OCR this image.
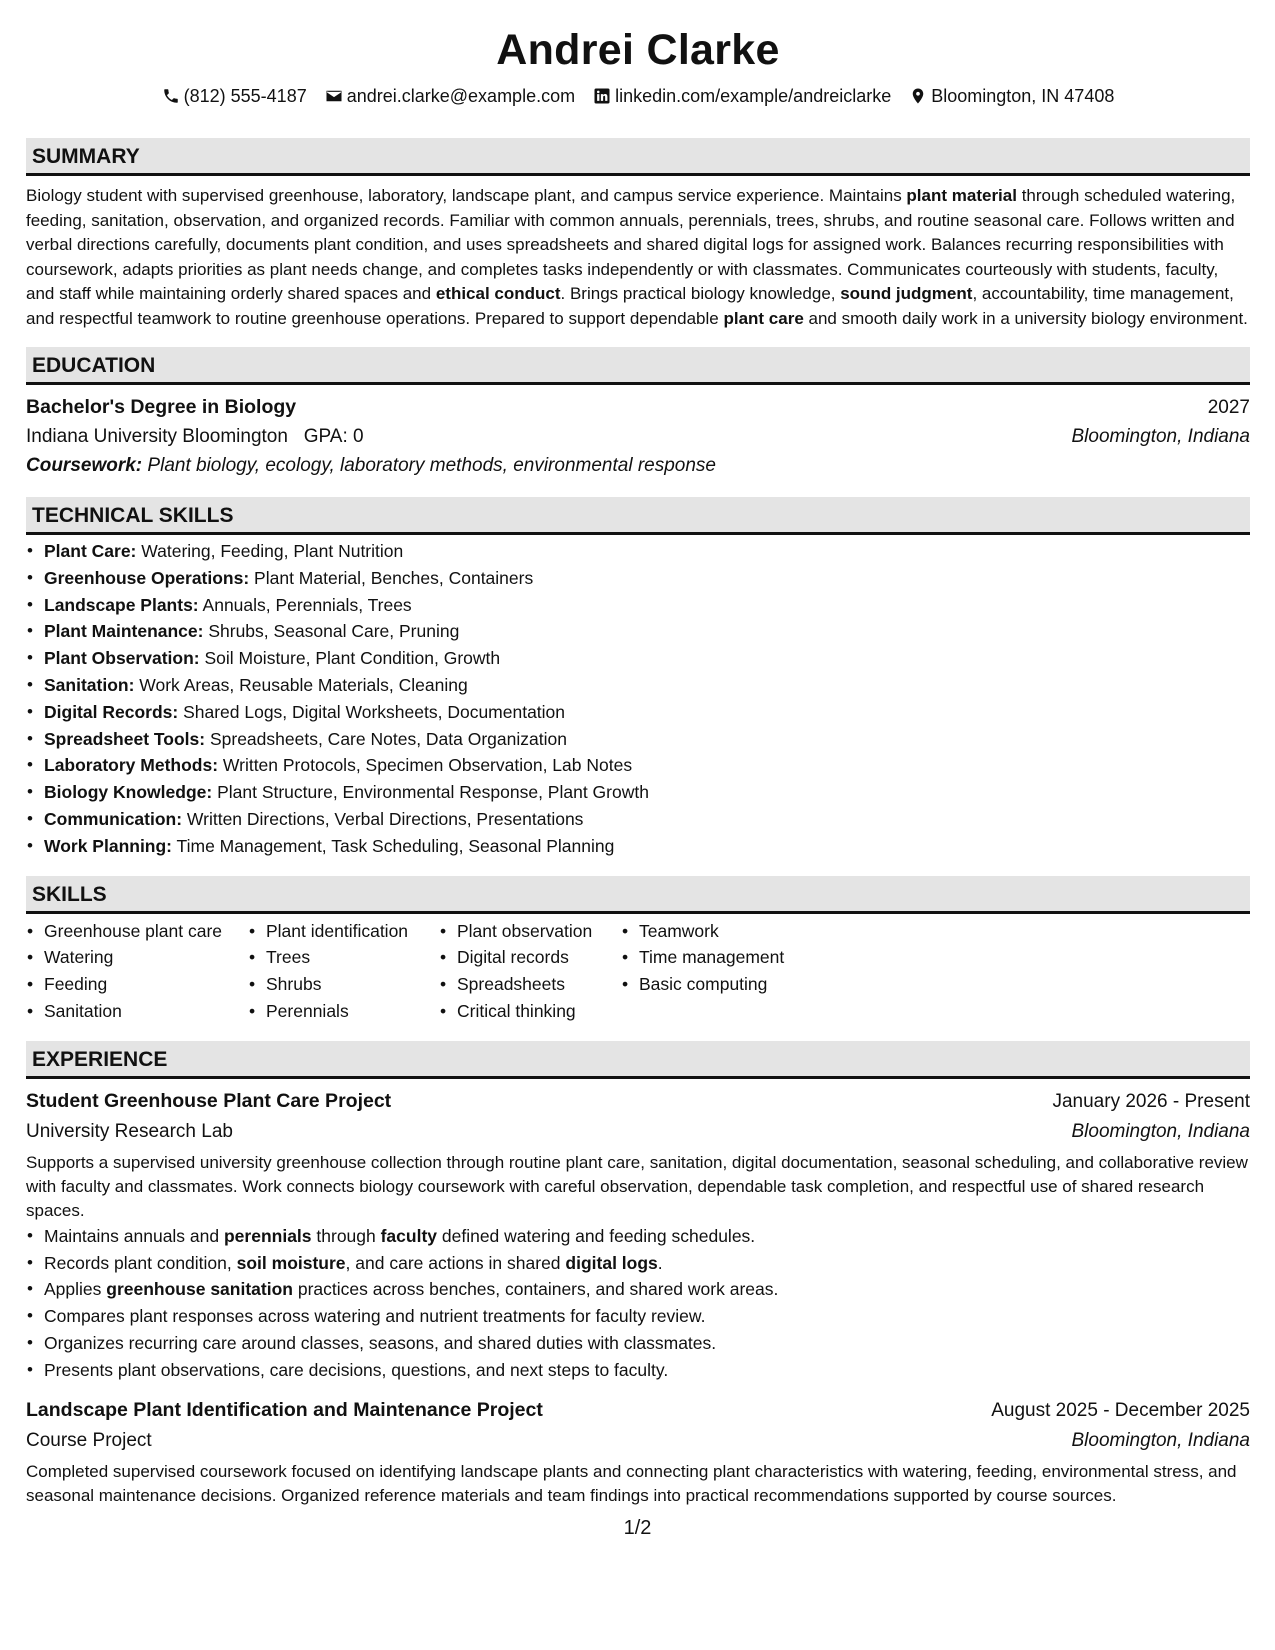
Andrei Clarke
(812) 555-4187 andrei.clarke@example.com linkedin.com/example/andreiclarke Bloomington, IN 47408
SUMMARY

Biology student with supervised greenhouse, laboratory, landscape plant, and campus service experience. Maintains plant material through scheduled watering, feeding, sanitation, observation, and organized records. Familiar with common annuals, perennials, trees, shrubs, and routine seasonal care. Follows written and verbal directions carefully, documents plant condition, and uses spreadsheets and shared digital logs for assigned work. Balances recurring responsibilities with coursework, adapts priorities as plant needs change, and completes tasks independently or with classmates. Communicates courteously with students, faculty, and staff while maintaining orderly shared spaces and ethical conduct. Brings practical biology knowledge, sound judgment, accountability, time management, and respectful teamwork to routine greenhouse operations. Prepared to support dependable plant care and smooth daily work in a university biology environment.

EDUCATION
Bachelor's Degree in Biology	2027
Indiana University Bloomington GPA: 0	Bloomington, Indiana
Coursework: Plant biology, ecology, laboratory methods, environmental response
TECHNICAL SKILLS
• Plant Care: Watering, Feeding, Plant Nutrition
• Greenhouse Operations: Plant Material, Benches, Containers
• Landscape Plants: Annuals, Perennials, Trees
• Plant Maintenance: Shrubs, Seasonal Care, Pruning
• Plant Observation: Soil Moisture, Plant Condition, Growth
• Sanitation: Work Areas, Reusable Materials, Cleaning
• Digital Records: Shared Logs, Digital Worksheets, Documentation
• Spreadsheet Tools: Spreadsheets, Care Notes, Data Organization
• Laboratory Methods: Written Protocols, Specimen Observation, Lab Notes
• Biology Knowledge: Plant Structure, Environmental Response, Plant Growth
• Communication: Written Directions, Verbal Directions, Presentations
• Work Planning: Time Management, Task Scheduling, Seasonal Planning
SKILLS
• Greenhouse plant care
• Watering
• Feeding
• Sanitation
• Plant identification
• Trees
• Shrubs
• Perennials
• Plant observation
• Digital records
• Spreadsheets
• Critical thinking
• Teamwork
• Time management
• Basic computing
EXPERIENCE
Student Greenhouse Plant Care Project	January 2026 - Present
University Research Lab	Bloomington, Indiana

Supports a supervised university greenhouse collection through routine plant care, sanitation, digital documentation, seasonal scheduling, and collaborative review with faculty and classmates. Work connects biology coursework with careful observation, dependable task completion, and respectful use of shared research spaces.

• Maintains annuals and perennials through faculty defined watering and feeding schedules.
• Records plant condition, soil moisture, and care actions in shared digital logs.
• Applies greenhouse sanitation practices across benches, containers, and shared work areas.
• Compares plant responses across watering and nutrient treatments for faculty review.
• Organizes recurring care around classes, seasons, and shared duties with classmates.
• Presents plant observations, care decisions, questions, and next steps to faculty.
Landscape Plant Identification and Maintenance Project	August 2025 - December 2025
Course Project	Bloomington, Indiana

Completed supervised coursework focused on identifying landscape plants and connecting plant characteristics with watering, feeding, environmental stress, and seasonal maintenance decisions. Organized reference materials and team findings into practical recommendations supported by course sources.

1/2
